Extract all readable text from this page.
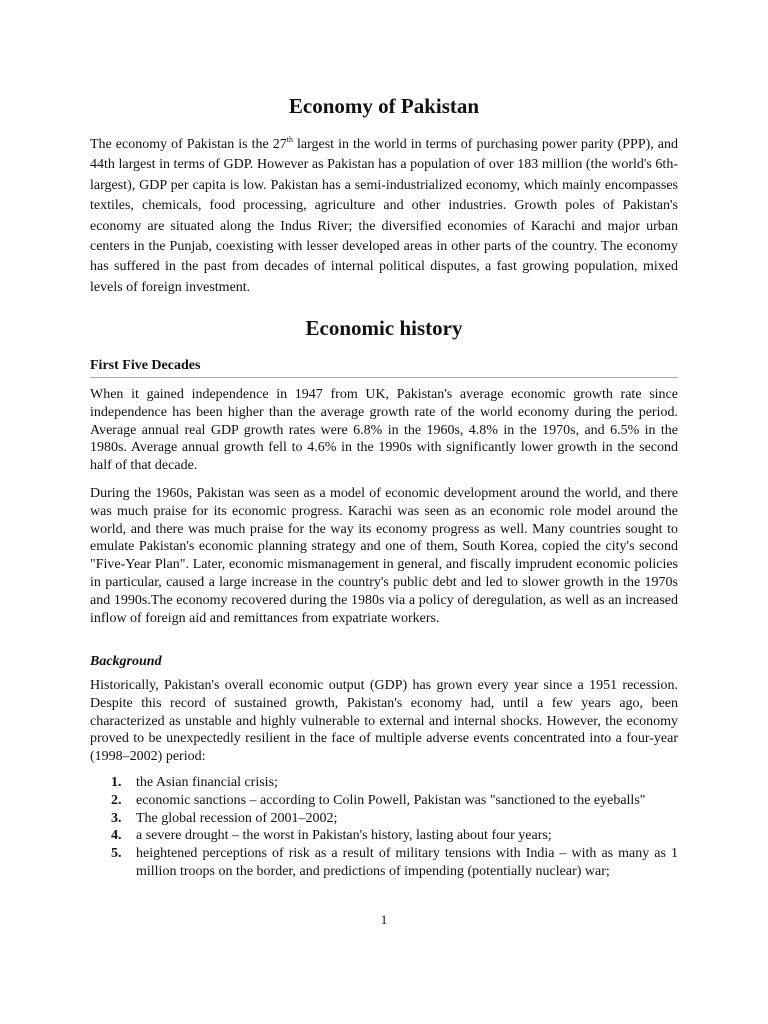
Economy of Pakistan

The economy of Pakistan is the 27th largest in the world in terms of purchasing power parity (PPP), and 44th largest in terms of GDP. However as Pakistan has a population of over 183 million (the world's 6th-largest), GDP per capita is low. Pakistan has a semi-industrialized economy, which mainly encompasses textiles, chemicals, food processing, agriculture and other industries. Growth poles of Pakistan's economy are situated along the Indus River; the diversified economies of Karachi and major urban centers in the Punjab, coexisting with lesser developed areas in other parts of the country. The economy has suffered in the past from decades of internal political disputes, a fast growing population, mixed levels of foreign investment.

Economic history
First Five Decades

When it gained independence in 1947 from UK, Pakistan's average economic growth rate since independence has been higher than the average growth rate of the world economy during the period. Average annual real GDP growth rates were 6.8% in the 1960s, 4.8% in the 1970s, and 6.5% in the 1980s. Average annual growth fell to 4.6% in the 1990s with significantly lower growth in the second half of that decade.

During the 1960s, Pakistan was seen as a model of economic development around the world, and there was much praise for its economic progress. Karachi was seen as an economic role model around the world, and there was much praise for the way its economy progress as well. Many countries sought to emulate Pakistan's economic planning strategy and one of them, South Korea, copied the city's second "Five-Year Plan". Later, economic mismanagement in general, and fiscally imprudent economic policies in particular, caused a large increase in the country's public debt and led to slower growth in the 1970s and 1990s.The economy recovered during the 1980s via a policy of deregulation, as well as an increased inflow of foreign aid and remittances from expatriate workers.

Background

Historically, Pakistan's overall economic output (GDP) has grown every year since a 1951 recession. Despite this record of sustained growth, Pakistan's economy had, until a few years ago, been characterized as unstable and highly vulnerable to external and internal shocks. However, the economy proved to be unexpectedly resilient in the face of multiple adverse events concentrated into a four-year (1998–2002) period:

1. the Asian financial crisis;
2. economic sanctions – according to Colin Powell, Pakistan was "sanctioned to the eyeballs"
3. The global recession of 2001–2002;
4. a severe drought – the worst in Pakistan's history, lasting about four years;
5. heightened perceptions of risk as a result of military tensions with India – with as many as 1 million troops on the border, and predictions of impending (potentially nuclear) war;
1
